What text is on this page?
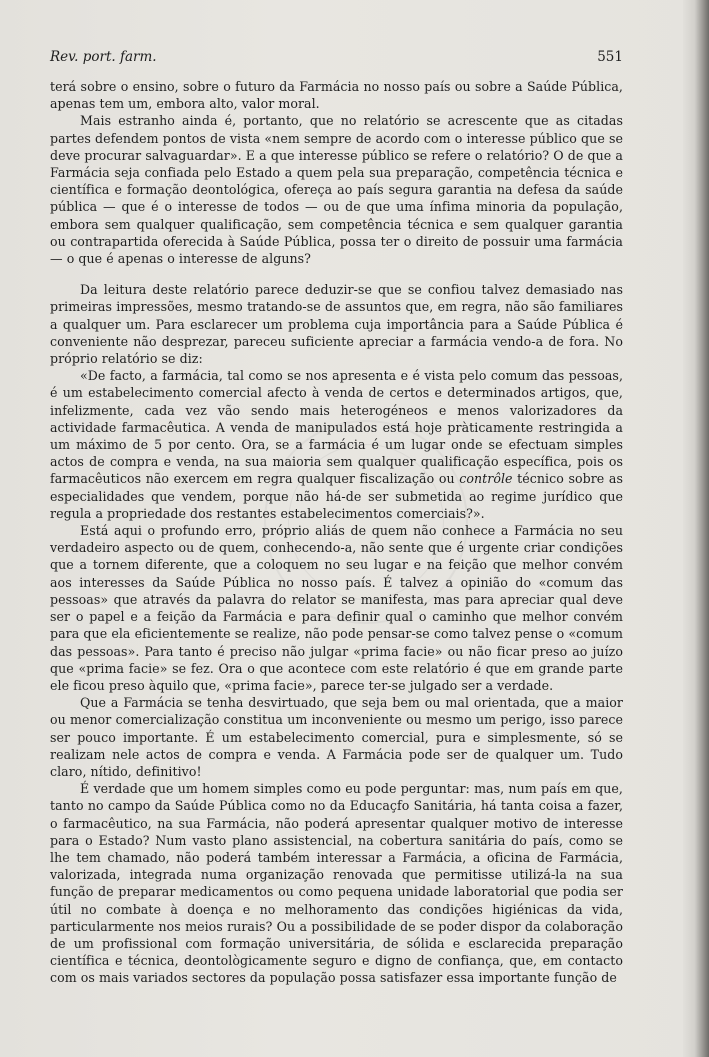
Rev. port. farm.	551

terá sobre o ensino, sobre o futuro da Farmácia no nosso país ou sobre a Saúde Pública, apenas tem um, embora alto, valor moral.

Mais estranho ainda é, portanto, que no relatório se acrescente que as citadas partes defendem pontos de vista «nem sempre de acordo com o interesse público que se deve procurar salvaguardar». E a que interesse público se refere o relatório? O de que a Farmácia seja confiada pelo Estado a quem pela sua preparação, competência técnica e científica e formação deontológica, ofereça ao país segura garantia na defesa da saúde pública — que é o interesse de todos — ou de que uma ínfima minoria da população, embora sem qualquer qualificação, sem competência técnica e sem qualquer garantia ou contrapartida oferecida à Saúde Pública, possa ter o direito de possuir uma farmácia — o que é apenas o interesse de alguns?

Da leitura deste relatório parece deduzir-se que se confiou talvez demasiado nas primeiras impressões, mesmo tratando-se de assuntos que, em regra, não são familiares a qualquer um. Para esclarecer um problema cuja importância para a Saúde Pública é conveniente não desprezar, pareceu suficiente apreciar a farmácia vendo-a de fora. No próprio relatório se diz:

«De facto, a farmácia, tal como se nos apresenta e é vista pelo comum das pessoas, é um estabelecimento comercial afecto à venda de certos e determinados artigos, que, infelizmente, cada vez vão sendo mais heterogéneos e menos valorizadores da actividade farmacêutica. A venda de manipulados está hoje pràticamente restringida a um máximo de 5 por cento. Ora, se a farmácia é um lugar onde se efectuam simples actos de compra e venda, na sua maioria sem qualquer qualificação específica, pois os farmacêuticos não exercem em regra qualquer fiscalização ou contrôle técnico sobre as especialidades que vendem, porque não há-de ser submetida ao regime jurídico que regula a propriedade dos restantes estabelecimentos comerciais?».

Está aqui o profundo erro, próprio aliás de quem não conhece a Farmácia no seu verdadeiro aspecto ou de quem, conhecendo-a, não sente que é urgente criar condições que a tornem diferente, que a coloquem no seu lugar e na feição que melhor convém aos interesses da Saúde Pública no nosso país. É talvez a opinião do «comum das pessoas» que através da palavra do relator se manifesta, mas para apreciar qual deve ser o papel e a feição da Farmácia e para definir qual o caminho que melhor convém para que ela eficientemente se realize, não pode pensar-se como talvez pense o «comum das pessoas». Para tanto é preciso não julgar «prima facie» ou não ficar preso ao juízo que «prima facie» se fez. Ora o que acontece com este relatório é que em grande parte ele ficou preso àquilo que, «prima facie», parece ter-se julgado ser a verdade.

Que a Farmácia se tenha desvirtuado, que seja bem ou mal orientada, que a maior ou menor comercialização constitua um inconveniente ou mesmo um perigo, isso parece ser pouco importante. É um estabelecimento comercial, pura e simplesmente, só se realizam nele actos de compra e venda. A Farmácia pode ser de qualquer um. Tudo claro, nítido, definitivo!

É verdade que um homem simples como eu pode perguntar: mas, num país em que, tanto no campo da Saúde Pública como no da Educaçfo Sanitária, há tanta coisa a fazer, o farmacêutico, na sua Farmácia, não poderá apresentar qualquer motivo de interesse para o Estado? Num vasto plano assistencial, na cobertura sanitária do país, como se lhe tem chamado, não poderá também interessar a Farmácia, a oficina de Farmácia, valorizada, integrada numa organização renovada que permitisse utilizá-la na sua função de preparar medicamentos ou como pequena unidade laboratorial que podia ser útil no combate à doença e no melhoramento das condições higiénicas da vida, particularmente nos meios rurais? Ou a possibilidade de se poder dispor da colaboração de um profissional com formação universitária, de sólida e esclarecida preparação científica e técnica, deontològicamente seguro e digno de confiança, que, em contacto com os mais variados sectores da população possa satisfazer essa importante função de
